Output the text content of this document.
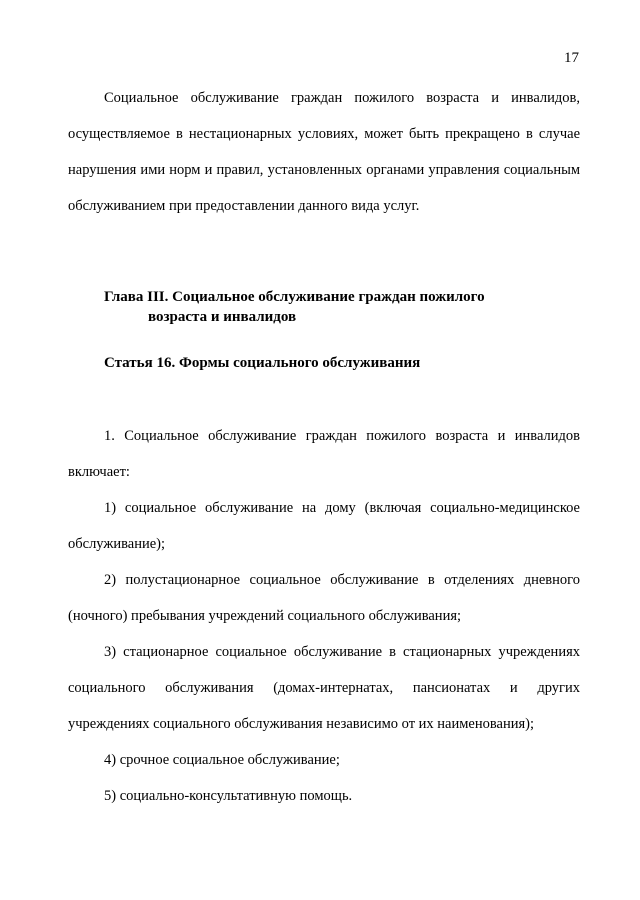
17

Социальное обслуживание граждан пожилого возраста и инвалидов, осуществляемое в нестационарных условиях, может быть прекращено в случае нарушения ими норм и правил, установленных органами управления социальным обслуживанием при предоставлении данного вида услуг.

Глава III. Социальное обслуживание граждан пожилого
возраста и инвалидов
Статья 16. Формы социального обслуживания

1. Социальное обслуживание граждан пожилого возраста и инвалидов включает:

1) социальное обслуживание на дому (включая социально-медицинское обслуживание);

2) полустационарное социальное обслуживание в отделениях дневного (ночного) пребывания учреждений социального обслуживания;

3) стационарное социальное обслуживание в стационарных учреждениях социального обслуживания (домах-интернатах, пансионатах и других учреждениях социального обслуживания независимо от их наименования);

4) срочное социальное обслуживание;

5) социально-консультативную помощь.
